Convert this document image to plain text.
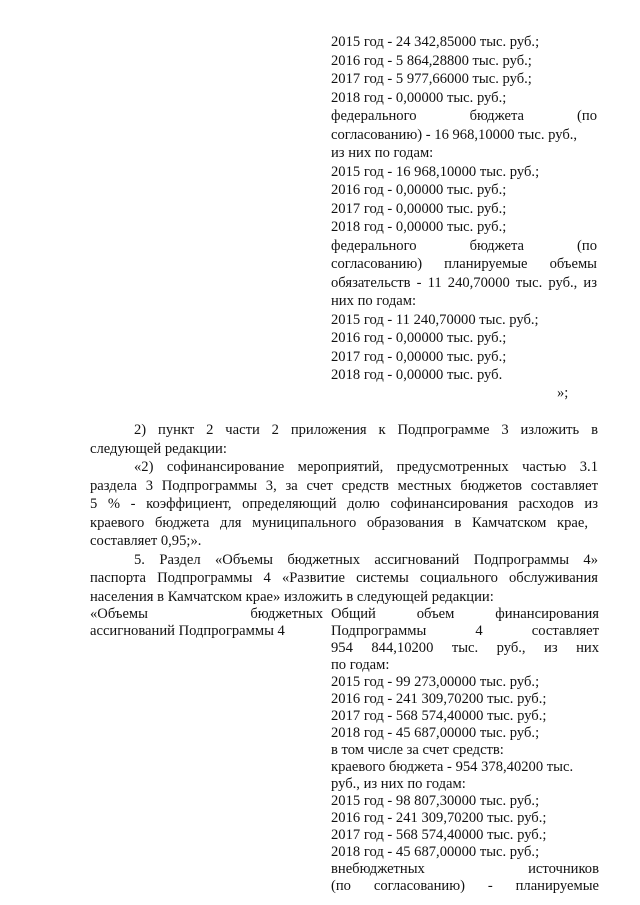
2015 год - 24 342,85000 тыс. руб.;
2016 год - 5 864,28800 тыс. руб.;
2017 год - 5 977,66000 тыс. руб.;
2018 год - 0,00000 тыс. руб.;
федерального бюджета (по
согласованию) - 16 968,10000 тыс. руб.,
из них по годам:
2015 год - 16 968,10000 тыс. руб.;
2016 год - 0,00000 тыс. руб.;
2017 год - 0,00000 тыс. руб.;
2018 год - 0,00000 тыс. руб.;
федерального бюджета (по
согласованию) планируемые объемы
обязательств - 11 240,70000 тыс. руб., из
них по годам:
2015 год - 11 240,70000 тыс. руб.;
2016 год - 0,00000 тыс. руб.;
2017 год - 0,00000 тыс. руб.;
2018 год - 0,00000 тыс. руб.
»;
2) пункт 2 части 2 приложения к Подпрограмме 3 изложить в
следующей редакции:
«2) софинансирование мероприятий, предусмотренных частью 3.1
раздела 3 Подпрограммы 3, за счет средств местных бюджетов составляет
5 % - коэффициент, определяющий долю софинансирования расходов из
краевого бюджета для муниципального образования в Камчатском крае,
составляет 0,95;».
5. Раздел «Объемы бюджетных ассигнований Подпрограммы 4»
паспорта Подпрограммы 4 «Развитие системы социального обслуживания
населения в Камчатском крае» изложить в следующей редакции:
«Объемы бюджетных
ассигнований Подпрограммы 4
Общий объем финансирования
Подпрограммы 4 составляет
954 844,10200 тыс. руб., из них
по годам:
2015 год - 99 273,00000 тыс. руб.;
2016 год - 241 309,70200 тыс. руб.;
2017 год - 568 574,40000 тыс. руб.;
2018 год - 45 687,00000 тыс. руб.;
в том числе за счет средств:
краевого бюджета - 954 378,40200 тыс.
руб., из них по годам:
2015 год - 98 807,30000 тыс. руб.;
2016 год - 241 309,70200 тыс. руб.;
2017 год - 568 574,40000 тыс. руб.;
2018 год - 45 687,00000 тыс. руб.;
внебюджетных источников
(по согласованию) - планируемые
